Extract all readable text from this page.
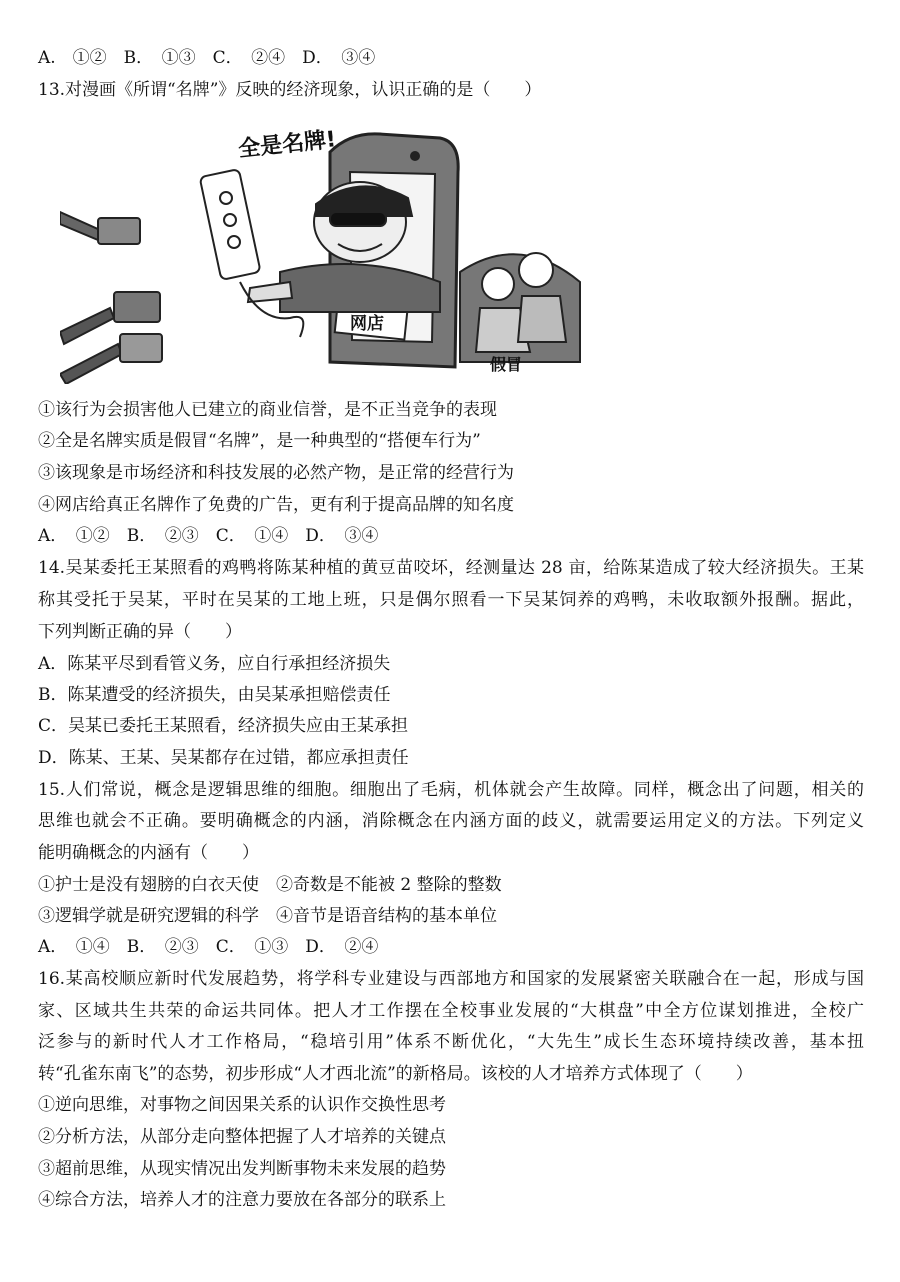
A.　①②　B．　①③　C．　②④　D．　③④
13.对漫画《所谓“名牌”》反映的经济现象，认识正确的是（　　）
网店
全是名牌!
假冒
①该行为会损害他人已建立的商业信誉，是不正当竞争的表现
②全是名牌实质是假冒“名牌”，是一种典型的“搭便车行为”
③该现象是市场经济和科技发展的必然产物，是正常的经营行为
④网店给真正名牌作了免费的广告，更有利于提高品牌的知名度
A．　①②　B．　②③　C．　①④　D．　③④
14.吴某委托王某照看的鸡鸭将陈某种植的黄豆苗咬坏，经测量达 28 亩，给陈某造成了较大经济损失。王某
称其受托于吴某，平时在吴某的工地上班，只是偶尔照看一下吴某饲养的鸡鸭，未收取额外报酬。据此，
下列判断正确的异（　　）
A．陈某平尽到看管义务，应自行承担经济损失
B．陈某遭受的经济损失，由吴某承担赔偿责任
C．吴某已委托王某照看，经济损失应由王某承担
D．陈某、王某、吴某都存在过错，都应承担责任
15.人们常说，概念是逻辑思维的细胞。细胞出了毛病，机体就会产生故障。同样，概念出了问题，相关的
思维也就会不正确。要明确概念的内涵，消除概念在内涵方面的歧义，就需要运用定义的方法。下列定义
能明确概念的内涵有（　　）
①护士是没有翅膀的白衣天使　②奇数是不能被 2 整除的整数
③逻辑学就是研究逻辑的科学　④音节是语音结构的基本单位
A．　①④　B．　②③　C．　①③　D．　②④
16.某高校顺应新时代发展趋势，将学科专业建设与西部地方和国家的发展紧密关联融合在一起，形成与国
家、区域共生共荣的命运共同体。把人才工作摆在全校事业发展的“大棋盘”中全方位谋划推进，全校广
泛参与的新时代人才工作格局，“稳培引用”体系不断优化，“大先生”成长生态环境持续改善，基本扭
转“孔雀东南飞”的态势，初步形成“人才西北流”的新格局。该校的人才培养方式体现了（　　）
①逆向思维，对事物之间因果关系的认识作交换性思考
②分析方法，从部分走向整体把握了人才培养的关键点
③超前思维，从现实情况出发判断事物未来发展的趋势
④综合方法，培养人才的注意力要放在各部分的联系上
